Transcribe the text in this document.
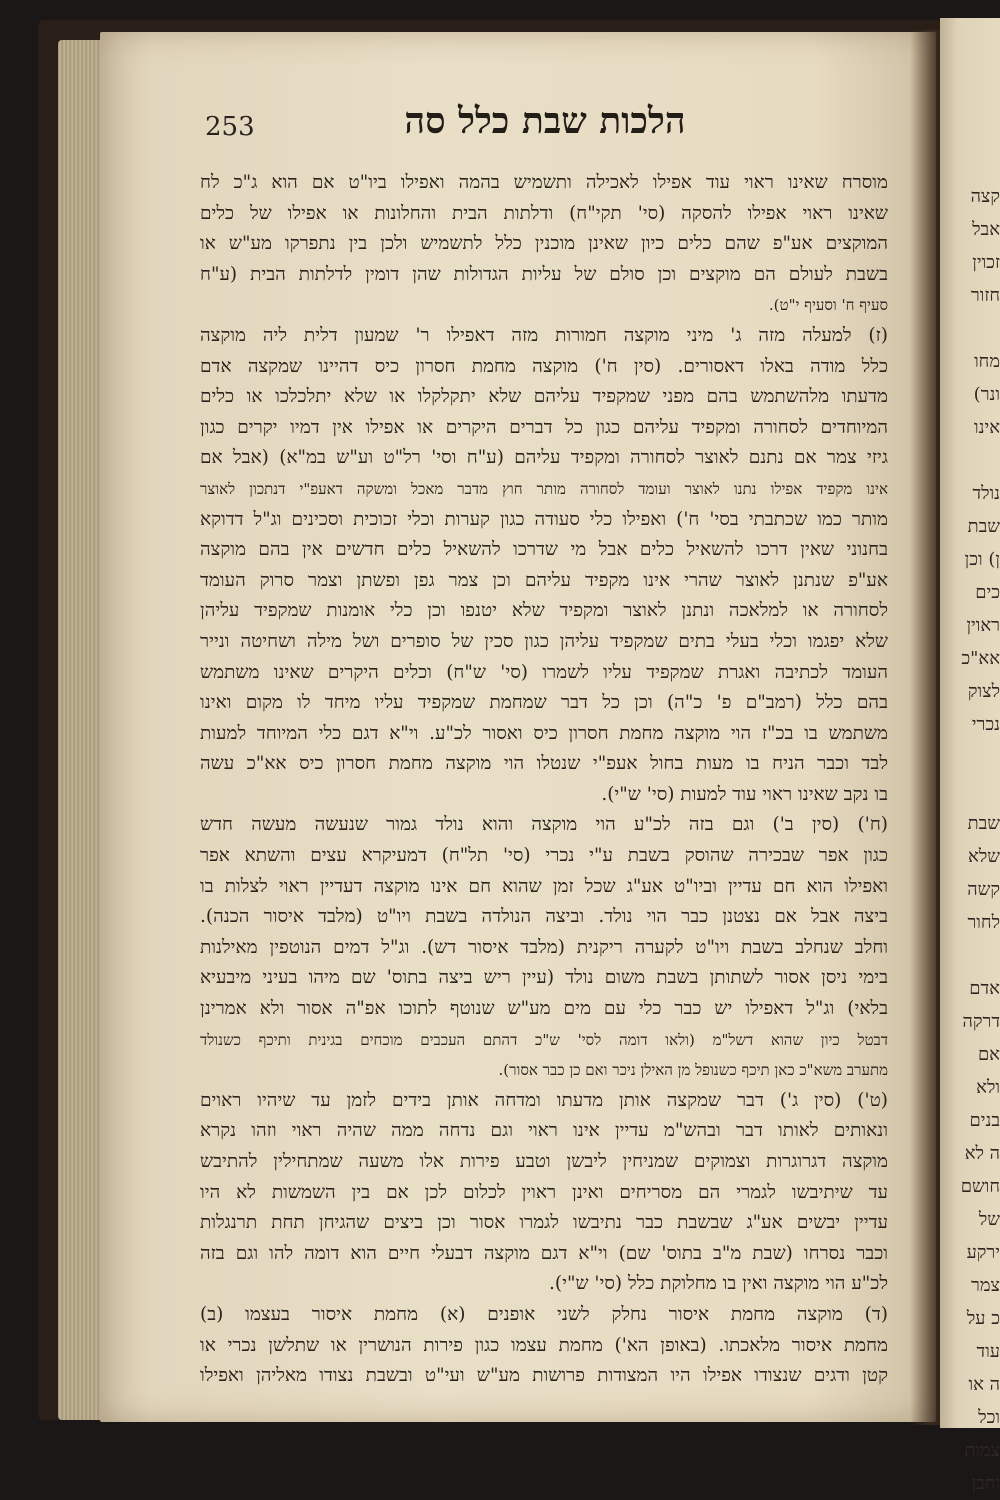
קצה
אבל
זכוין
חזור
מחו
ונר)
אינו
נולד
שבת
ן) וכן
כים
ראוין
אא"כ
לצוק
נכרי
שבת
שלא
קשה
לחור
אדם
דרקה
אם
ולא
בנים
ה לא
חושם
של
ירקע
צמר
כ על
עוד
ה או
וכל
צמות
וחבן
253	הלכות שבת כלל סה
מוסרח שאינו ראוי עוד אפילו לאכילה ותשמיש בהמה ואפילו ביו"ט אם הוא ג"כ לח
שאינו ראוי אפילו להסקה (סי' תקי"ח) ודלתות הבית והחלונות או אפילו של כלים
המוקצים אע"פ שהם כלים כיון שאינן מוכנין כלל לתשמיש ולכן בין נתפרקו מע"ש או
בשבת לעולם הם מוקצים וכן סולם של עליות הגדולות שהן דומין לדלתות הבית (ע"ח
סעיף ח' וסעיף י"ט).
(ז) למעלה מזה ג' מיני מוקצה חמורות מזה דאפילו ר' שמעון דלית ליה מוקצה
כלל מודה באלו דאסורים. (סין ח') מוקצה מחמת חסרון כיס דהיינו שמקצה אדם
מדעתו מלהשתמש בהם מפני שמקפיד עליהם שלא יתקלקלו או שלא יתלכלכו או כלים
המיוחדים לסחורה ומקפיד עליהם כגון כל דברים היקרים או אפילו אין דמיו יקרים כגון
גיזי צמר אם נתנם לאוצר לסחורה ומקפיד עליהם (ע"ח וסי' רל"ט וע"ש במ"א) (אבל אם
אינו מקפיד אפילו נתנו לאוצר ועומד לסחורה מותר חוץ מדבר מאכל ומשקה דאעפ"י דנתכון לאוצר
מותר כמו שכתבתי בסי' ח') ואפילו כלי סעודה כגון קערות וכלי זכוכית וסכינים וג"ל דדוקא
בחנוני שאין דרכו להשאיל כלים אבל מי שדרכו להשאיל כלים חדשים אין בהם מוקצה
אע"פ שנתנן לאוצר שהרי אינו מקפיד עליהם וכן צמר גפן ופשתן וצמר סרוק העומד
לסחורה או למלאכה ונתנן לאוצר ומקפיד שלא יטנפו וכן כלי אומנות שמקפיד עליהן
שלא יפגמו וכלי בעלי בתים שמקפיד עליהן כגון סכין של סופרים ושל מילה ושחיטה ונייר
העומד לכתיבה ואגרת שמקפיד עליו לשמרו (סי' ש"ח) וכלים היקרים שאינו משתמש
בהם כלל (רמב"ם פ' כ"ה) וכן כל דבר שמחמת שמקפיד עליו מיחד לו מקום ואינו
משתמש בו בכ"ז הוי מוקצה מחמת חסרון כיס ואסור לכ"ע. וי"א דגם כלי המיוחד למעות
לבד וכבר הניח בו מעות בחול אעפ"י שנטלו הוי מוקצה מחמת חסרון כיס אא"כ עשה
בו נקב שאינו ראוי עוד למעות (סי' ש"י).
(ח') (סין ב') וגם בזה לכ"ע הוי מוקצה והוא נולד גמור שנעשה מעשה חדש
כגון אפר שבכירה שהוסק בשבת ע"י נכרי (סי' תל"ח) דמעיקרא עצים והשתא אפר
ואפילו הוא חם עדיין וביו"ט אע"ג שכל זמן שהוא חם אינו מוקצה דעדיין ראוי לצלות בו
ביצה אבל אם נצטנן כבר הוי נולד. וביצה הנולדה בשבת ויו"ט (מלבד איסור הכנה).
וחלב שנחלב בשבת ויו"ט לקערה ריקנית (מלבד איסור דש). וג"ל דמים הנוטפין מאילנות
בימי ניסן אסור לשתותן בשבת משום נולד (עיין ריש ביצה בתוס' שם מיהו בעיני מיבעיא
בלאי) וג"ל דאפילו יש כבר כלי עם מים מע"ש שנוטף לתוכו אפ"ה אסור ולא אמרינן
דבטל כיון שהוא דשל"מ (ולאו דומה לסי' ש"כ דהתם העכבים מוכחים בגינית ותיכף כשנולד
מתערב משא"כ כאן תיכף כשנופל מן האילן ניכר ואם כן כבר אסור).
(ט') (סין ג') דבר שמקצה אותן מדעתו ומדחה אותן בידים לזמן עד שיהיו ראוים
ונאותים לאותו דבר ובהש"מ עדיין אינו ראוי וגם נדחה ממה שהיה ראוי וזהו נקרא
מוקצה דגרוגרות וצמוקים שמניחין ליבשן וטבע פירות אלו משעה שמתחילין להתיבש
עד שיתיבשו לגמרי הם מסריחים ואינן ראוין לכלום לכן אם בין השמשות לא היו
עדיין יבשים אע"ג שבשבת כבר נתיבשו לגמרו אסור וכן ביצים שהגיחן תחת תרנגלות
וכבר נסרחו (שבת מ"ב בתוס' שם) וי"א דגם מוקצה דבעלי חיים הוא דומה להו וגם בזה
לכ"ע הוי מוקצה ואין בו מחלוקת כלל (סי' ש"י).
(ד) מוקצה מחמת איסור נחלק לשני אופנים (א) מחמת איסור בעצמו (ב)
מחמת איסור מלאכתו. (באופן הא') מחמת עצמו כגון פירות הנושרין או שתלשן נכרי או
קטן ודגים שנצודו אפילו היו המצודות פרושות מע"ש ועי"ט ובשבת נצודו מאליהן ואפילו
